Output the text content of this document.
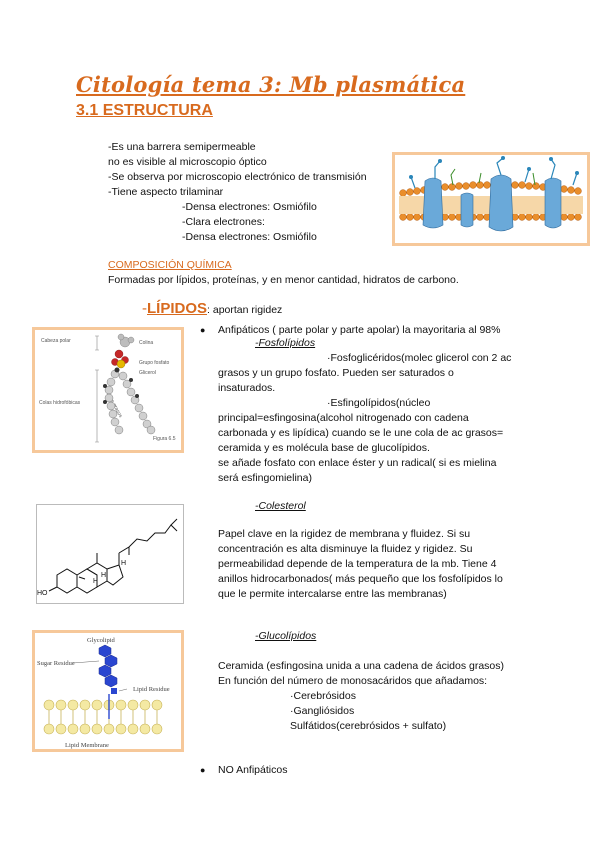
Citología tema 3: Mb plasmática
3.1 ESTRUCTURA
-Es una barrera semipermeable
no es visible al microscopio óptico
-Se observa por microscopio electrónico de transmisión
-Tiene aspecto trilaminar
-Densa electrones: Osmiófilo
-Clara electrones:
-Densa electrones: Osmiófilo
COMPOSICIÓN QUÍMICA
Formadas por lípidos, proteínas, y en menor cantidad, hidratos de carbono.
-LÍPIDOS: aportan rigidez
● Anfipáticos ( parte polar y parte apolar) la mayoritaria al 98%
Cabeza polar	Colina
Grupo fosfato
Glicerol
Colas hidrofóbicas
Figura 6.5
grasos
-Fosfolípidos
·Fosfoglicéridos(molec glicerol con 2 ac
grasos y un grupo fosfato. Pueden ser saturados o
insaturados.
·Esfingolípidos(núcleo
principal=esfingosina(alcohol nitrogenado con cadena
carbonada y es lipídica) cuando se le une cola de ac grasos=
ceramida y es molécula base de glucolípidos.
se añade fosfato con enlace éster y un radical( si es mielina
será esfingomielina)
H
H
H
HO
-Colesterol
Papel clave en la rigidez de membrana y fluidez. Si su
concentración es alta disminuye la fluidez y rigidez. Su
permeabilidad depende de la temperatura de la mb. Tiene 4
anillos hidrocarbonados( más pequeño que los fosfolípidos lo
que le permite intercalarse entre las membranas)
Glycolipid
Sugar Residue
Lipid Residue
Lipid Membrane
-Glucolípidos
Ceramida (esfingosina unida a una cadena de ácidos grasos)
En función del número de monosacáridos que añadamos:
·Cerebrósidos
·Gangliósidos
Sulfátidos(cerebrósidos + sulfato)
● NO Anfipáticos
